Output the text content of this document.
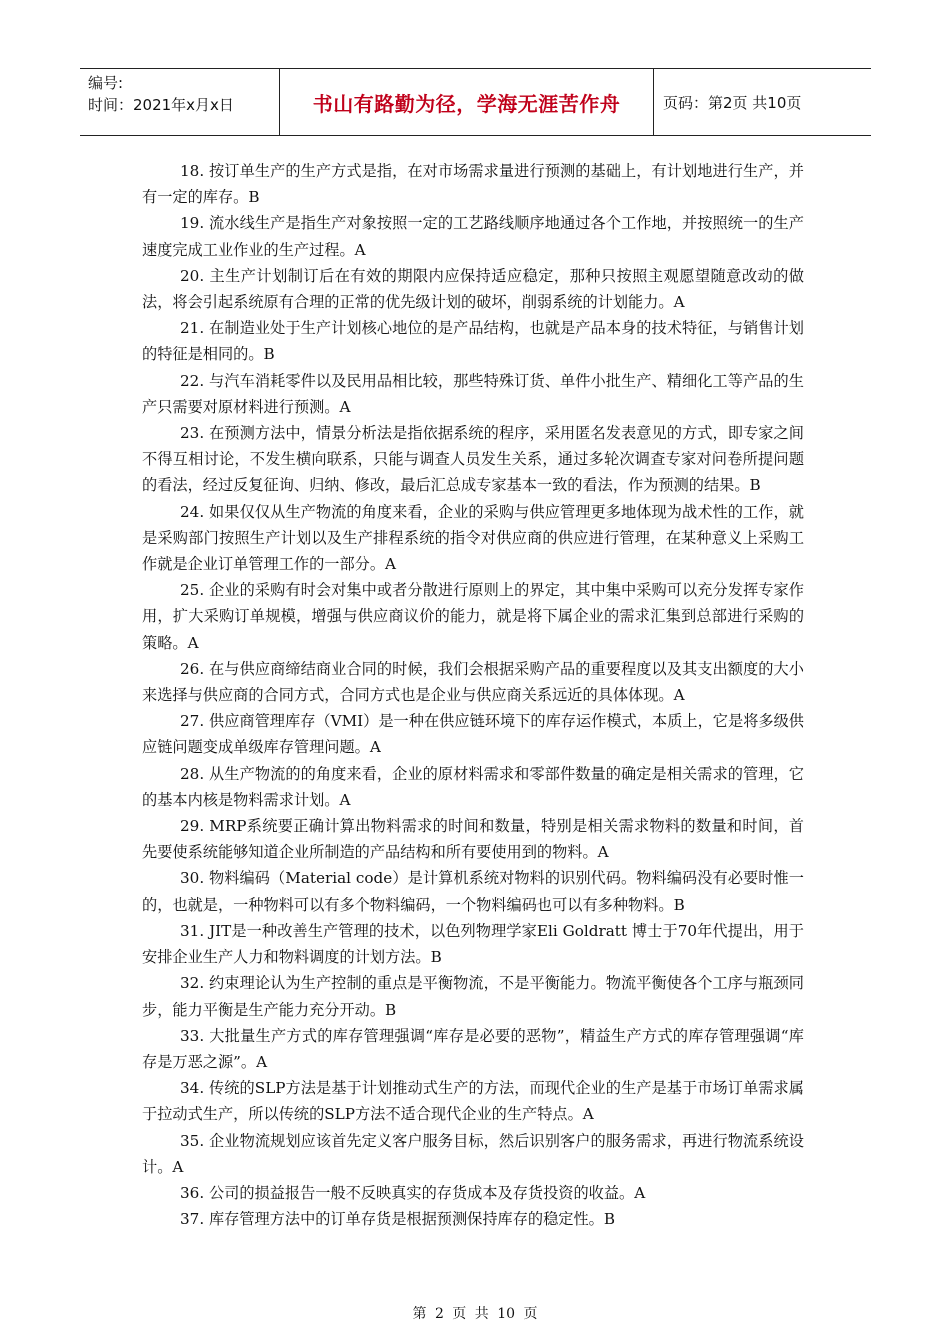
编号:
时间：2021年x月x日	书山有路勤为径，学海无涯苦作舟	页码：第2页 共10页

18. 按订单生产的生产方式是指，在对市场需求量进行预测的基础上，有计划地进行生产，并有一定的库存。B

19. 流水线生产是指生产对象按照一定的工艺路线顺序地通过各个工作地，并按照统一的生产速度完成工业作业的生产过程。A

20. 主生产计划制订后在有效的期限内应保持适应稳定，那种只按照主观愿望随意改动的做法，将会引起系统原有合理的正常的优先级计划的破坏，削弱系统的计划能力。A

21. 在制造业处于生产计划核心地位的是产品结构，也就是产品本身的技术特征，与销售计划的特征是相同的。B

22. 与汽车消耗零件以及民用品相比较，那些特殊订货、单件小批生产、精细化工等产品的生产只需要对原材料进行预测。A

23. 在预测方法中，情景分析法是指依据系统的程序，采用匿名发表意见的方式，即专家之间不得互相讨论，不发生横向联系，只能与调查人员发生关系，通过多轮次调查专家对问卷所提问题的看法，经过反复征询、归纳、修改，最后汇总成专家基本一致的看法，作为预测的结果。B

24. 如果仅仅从生产物流的角度来看，企业的采购与供应管理更多地体现为战术性的工作，就是采购部门按照生产计划以及生产排程系统的指令对供应商的供应进行管理，在某种意义上采购工作就是企业订单管理工作的一部分。A

25. 企业的采购有时会对集中或者分散进行原则上的界定，其中集中采购可以充分发挥专家作用，扩大采购订单规模，增强与供应商议价的能力，就是将下属企业的需求汇集到总部进行采购的策略。A

26. 在与供应商缔结商业合同的时候，我们会根据采购产品的重要程度以及其支出额度的大小来选择与供应商的合同方式，合同方式也是企业与供应商关系远近的具体体现。A

27. 供应商管理库存（VMI）是一种在供应链环境下的库存运作模式，本质上，它是将多级供应链问题变成单级库存管理问题。A

28. 从生产物流的的角度来看，企业的原材料需求和零部件数量的确定是相关需求的管理，它的基本内核是物料需求计划。A

29. MRP系统要正确计算出物料需求的时间和数量，特别是相关需求物料的数量和时间，首先要使系统能够知道企业所制造的产品结构和所有要使用到的物料。A

30. 物料编码（Material code）是计算机系统对物料的识别代码。物料编码没有必要时惟一的，也就是，一种物料可以有多个物料编码，一个物料编码也可以有多种物料。B

31. JIT是一种改善生产管理的技术，以色列物理学家Eli Goldratt 博士于70年代提出，用于安排企业生产人力和物料调度的计划方法。B

32. 约束理论认为生产控制的重点是平衡物流，不是平衡能力。物流平衡使各个工序与瓶颈同步，能力平衡是生产能力充分开动。B

33. 大批量生产方式的库存管理强调“库存是必要的恶物”，精益生产方式的库存管理强调“库存是万恶之源”。A

34. 传统的SLP方法是基于计划推动式生产的方法，而现代企业的生产是基于市场订单需求属于拉动式生产，所以传统的SLP方法不适合现代企业的生产特点。A

35. 企业物流规划应该首先定义客户服务目标，然后识别客户的服务需求，再进行物流系统设计。A

36. 公司的损益报告一般不反映真实的存货成本及存货投资的收益。A

37. 库存管理方法中的订单存货是根据预测保持库存的稳定性。B

第 2 页 共 10 页
